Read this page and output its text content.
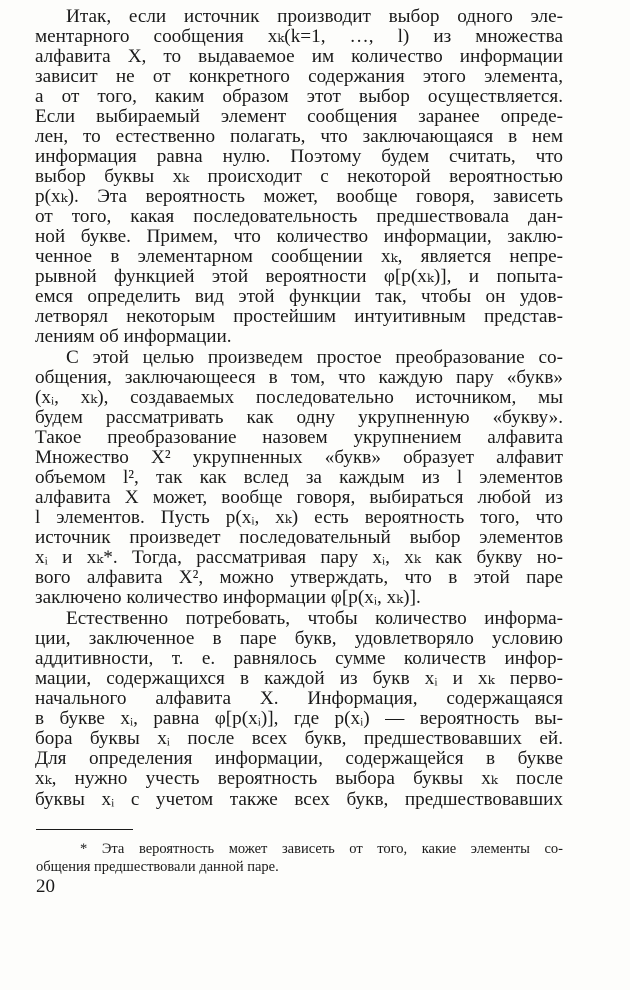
Итак, если источник производит выбор одного эле-
ментарного сообщения xₖ(k=1, …, l) из множества
алфавита X, то выдаваемое им количество информации
зависит не от конкретного содержания этого элемента,
а от того, каким образом этот выбор осуществляется.
Если выбираемый элемент сообщения заранее опреде-
лен, то естественно полагать, что заключающаяся в нем
информация равна нулю. Поэтому будем считать, что
выбор буквы xₖ происходит с некоторой вероятностью
p(xₖ). Эта вероятность может, вообще говоря, зависеть
от того, какая последовательность предшествовала дан-
ной букве. Примем, что количество информации, заклю-
ченное в элементарном сообщении xₖ, является непре-
рывной функцией этой вероятности φ[p(xₖ)], и попыта-
емся определить вид этой функции так, чтобы он удов-
летворял некоторым простейшим интуитивным представ-
лениям об информации.
С этой целью произведем простое преобразование со-
общения, заключающееся в том, что каждую пару «букв»
(xᵢ, xₖ), создаваемых последовательно источником, мы
будем рассматривать как одну укрупненную «букву».
Такое преобразование назовем укрупнением алфавита
Множество X² укрупненных «букв» образует алфавит
объемом l², так как вслед за каждым из l элементов
алфавита X может, вообще говоря, выбираться любой из
l элементов. Пусть p(xᵢ, xₖ) есть вероятность того, что
источник произведет последовательный выбор элементов
xᵢ и xₖ*. Тогда, рассматривая пару xᵢ, xₖ как букву но-
вого алфавита X², можно утверждать, что в этой паре
заключено количество информации φ[p(xᵢ, xₖ)].
Естественно потребовать, чтобы количество информа-
ции, заключенное в паре букв, удовлетворяло условию
аддитивности, т. е. равнялось сумме количеств инфор-
мации, содержащихся в каждой из букв xᵢ и xₖ перво-
начального алфавита X. Информация, содержащаяся
в букве xᵢ, равна φ[p(xᵢ)], где p(xᵢ) — вероятность вы-
бора буквы xᵢ после всех букв, предшествовавших ей.
Для определения информации, содержащейся в букве
xₖ, нужно учесть вероятность выбора буквы xₖ после
буквы xᵢ с учетом также всех букв, предшествовавших
* Эта вероятность может зависеть от того, какие элементы со-
общения предшествовали данной паре.
20
